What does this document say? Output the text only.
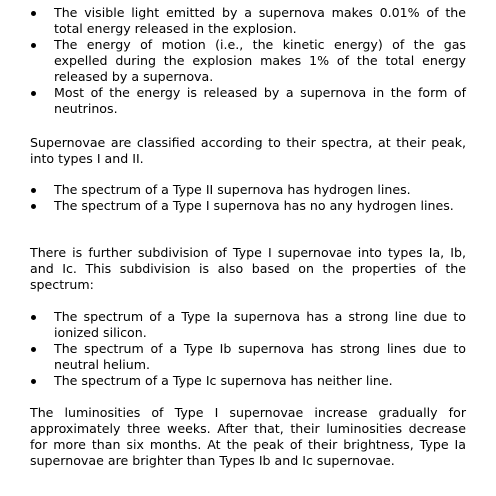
The visible light emitted by a supernova makes 0.01% of the total energy released in the explosion.
The energy of motion (i.e., the kinetic energy) of the gas expelled during the explosion makes 1% of the total energy released by a supernova.
Most of the energy is released by a supernova in the form of neutrinos.

Supernovae are classified according to their spectra, at their peak, into types I and II.

The spectrum of a Type II supernova has hydrogen lines.
The spectrum of a Type I supernova has no any hydrogen lines.

There is further subdivision of Type I supernovae into types Ia, Ib, and Ic. This subdivision is also based on the properties of the spectrum:

The spectrum of a Type Ia supernova has a strong line due to ionized silicon.
The spectrum of a Type Ib supernova has strong lines due to neutral helium.
The spectrum of a Type Ic supernova has neither line.

The luminosities of Type I supernovae increase gradually for approximately three weeks. After that, their luminosities decrease for more than six months. At the peak of their brightness, Type Ia supernovae are brighter than Types Ib and Ic supernovae.
